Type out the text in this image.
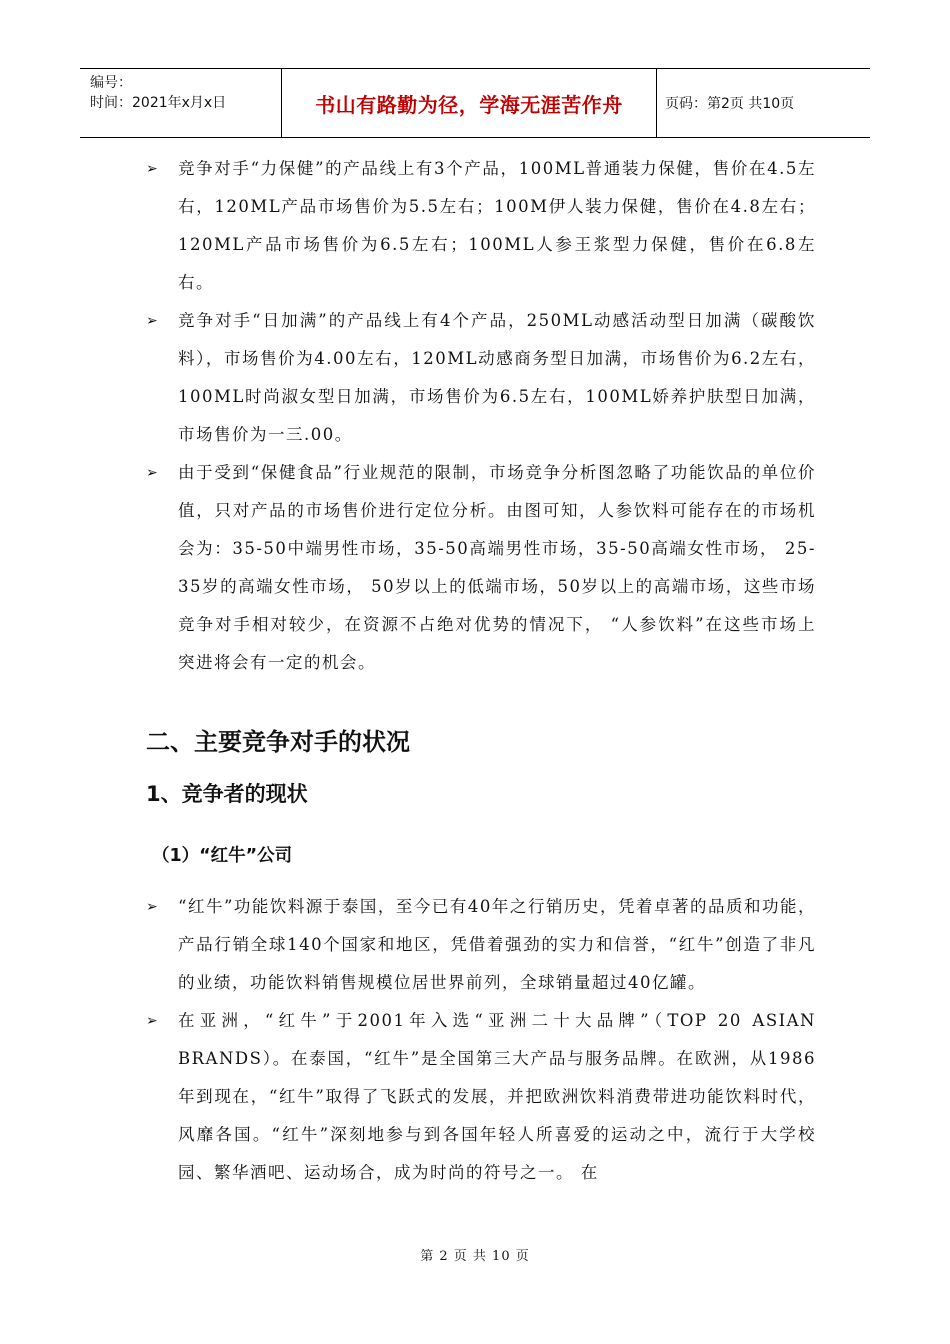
编号：
时间：2021年x月x日	书山有路勤为径，学海无涯苦作舟	页码：第2页 共10页

➢ 竞争对手“力保健”的产品线上有3个产品，100ML普通装力保健，售价在4.5左右，120ML产品市场售价为5.5左右；100M伊人装力保健，售价在4.8左右；120ML产品市场售价为6.5左右；100ML人参王浆型力保健，售价在6.8左右。

➢ 竞争对手“日加满”的产品线上有4个产品，250ML动感活动型日加满（碳酸饮料），市场售价为4.00左右，120ML动感商务型日加满，市场售价为6.2左右，100ML时尚淑女型日加满，市场售价为6.5左右，100ML娇养护肤型日加满，市场售价为一三.00。

➢ 由于受到“保健食品”行业规范的限制，市场竞争分析图忽略了功能饮品的单位价值，只对产品的市场售价进行定位分析。由图可知，人参饮料可能存在的市场机会为：35-50中端男性市场，35-50高端男性市场，35-50高端女性市场， 25-35岁的高端女性市场， 50岁以上的低端市场，50岁以上的高端市场，这些市场竞争对手相对较少，在资源不占绝对优势的情况下， “人参饮料”在这些市场上突进将会有一定的机会。

二、主要竞争对手的状况
1、竞争者的现状
（1）“红牛”公司

➢ “红牛”功能饮料源于泰国，至今已有40年之行销历史，凭着卓著的品质和功能，产品行销全球140个国家和地区，凭借着强劲的实力和信誉，“红牛”创造了非凡的业绩，功能饮料销售规模位居世界前列，全球销量超过40亿罐。

➢ 在亚洲，“红牛”于2001年入选“亚洲二十大品牌”（TOP 20 ASIAN BRANDS）。在泰国，“红牛”是全国第三大产品与服务品牌。在欧洲，从1986年到现在，“红牛”取得了飞跃式的发展，并把欧洲饮料消费带进功能饮料时代，风靡各国。“红牛”深刻地参与到各国年轻人所喜爱的运动之中，流行于大学校园、繁华酒吧、运动场合，成为时尚的符号之一。 在

第 2 页 共 10 页
